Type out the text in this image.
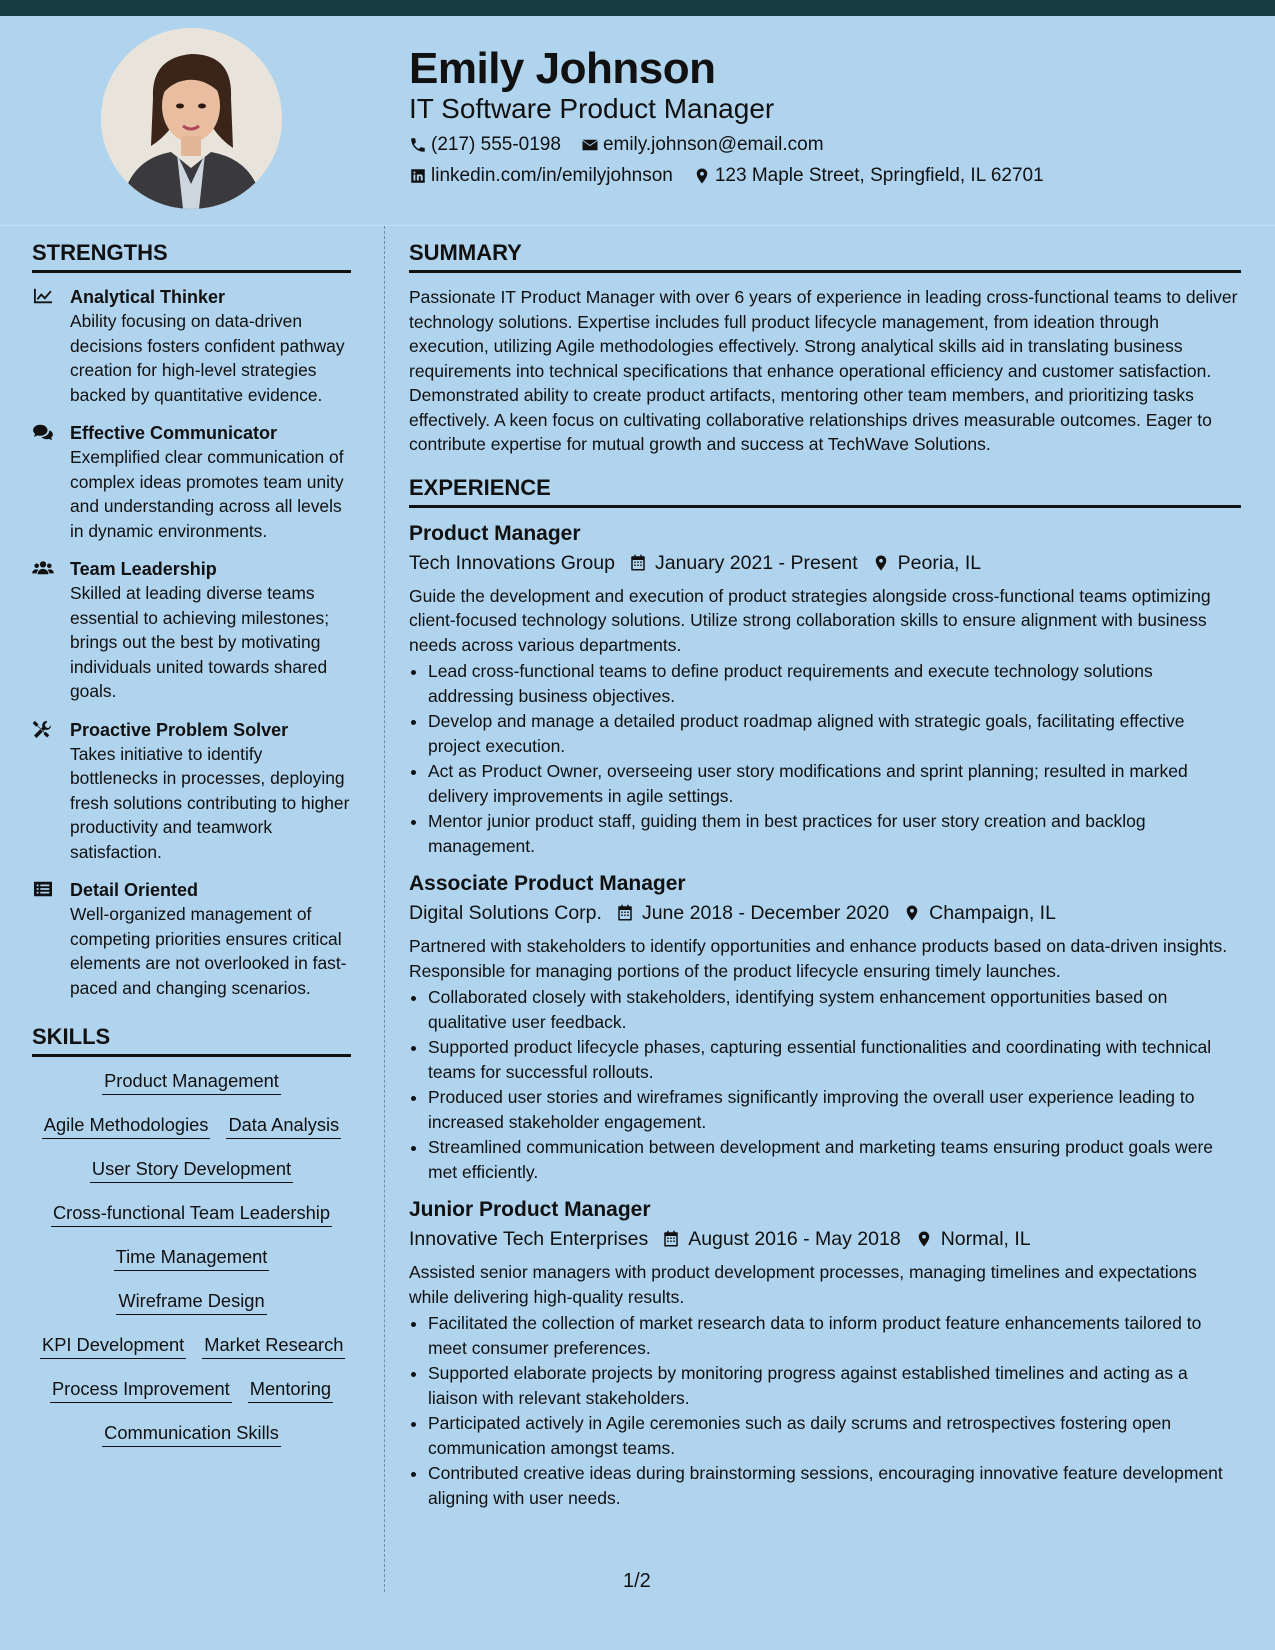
Emily Johnson
IT Software Product Manager
(217) 555-0198 emily.johnson@email.com
linkedin.com/in/emilyjohnson 123 Maple Street, Springfield, IL 62701
STRENGTHS
Analytical Thinker
Ability focusing on data-driven decisions fosters confident pathway creation for high-level strategies backed by quantitative evidence.
Effective Communicator
Exemplified clear communication of complex ideas promotes team unity and understanding across all levels in dynamic environments.
Team Leadership
Skilled at leading diverse teams essential to achieving milestones; brings out the best by motivating individuals united towards shared goals.
Proactive Problem Solver
Takes initiative to identify bottlenecks in processes, deploying fresh solutions contributing to higher productivity and teamwork satisfaction.
Detail Oriented
Well-organized management of competing priorities ensures critical elements are not overlooked in fast-paced and changing scenarios.
SKILLS
Product Management
Agile Methodologies Data Analysis
User Story Development
Cross-functional Team Leadership
Time Management
Wireframe Design
KPI Development Market Research
Process Improvement Mentoring
Communication Skills
SUMMARY
Passionate IT Product Manager with over 6 years of experience in leading cross-functional teams to deliver technology solutions. Expertise includes full product lifecycle management, from ideation through execution, utilizing Agile methodologies effectively. Strong analytical skills aid in translating business requirements into technical specifications that enhance operational efficiency and customer satisfaction. Demonstrated ability to create product artifacts, mentoring other team members, and prioritizing tasks effectively. A keen focus on cultivating collaborative relationships drives measurable outcomes. Eager to contribute expertise for mutual growth and success at TechWave Solutions.
EXPERIENCE
Product Manager
Tech Innovations Group January 2021 - Present Peoria, IL
Guide the development and execution of product strategies alongside cross-functional teams optimizing client-focused technology solutions. Utilize strong collaboration skills to ensure alignment with business needs across various departments.
• Lead cross-functional teams to define product requirements and execute technology solutions addressing business objectives.
• Develop and manage a detailed product roadmap aligned with strategic goals, facilitating effective project execution.
• Act as Product Owner, overseeing user story modifications and sprint planning; resulted in marked delivery improvements in agile settings.
• Mentor junior product staff, guiding them in best practices for user story creation and backlog management.
Associate Product Manager
Digital Solutions Corp. June 2018 - December 2020 Champaign, IL
Partnered with stakeholders to identify opportunities and enhance products based on data-driven insights. Responsible for managing portions of the product lifecycle ensuring timely launches.
• Collaborated closely with stakeholders, identifying system enhancement opportunities based on qualitative user feedback.
• Supported product lifecycle phases, capturing essential functionalities and coordinating with technical teams for successful rollouts.
• Produced user stories and wireframes significantly improving the overall user experience leading to increased stakeholder engagement.
• Streamlined communication between development and marketing teams ensuring product goals were met efficiently.
Junior Product Manager
Innovative Tech Enterprises August 2016 - May 2018 Normal, IL
Assisted senior managers with product development processes, managing timelines and expectations while delivering high-quality results.
• Facilitated the collection of market research data to inform product feature enhancements tailored to meet consumer preferences.
• Supported elaborate projects by monitoring progress against established timelines and acting as a liaison with relevant stakeholders.
• Participated actively in Agile ceremonies such as daily scrums and retrospectives fostering open communication amongst teams.
• Contributed creative ideas during brainstorming sessions, encouraging innovative feature development aligning with user needs.
1/2
